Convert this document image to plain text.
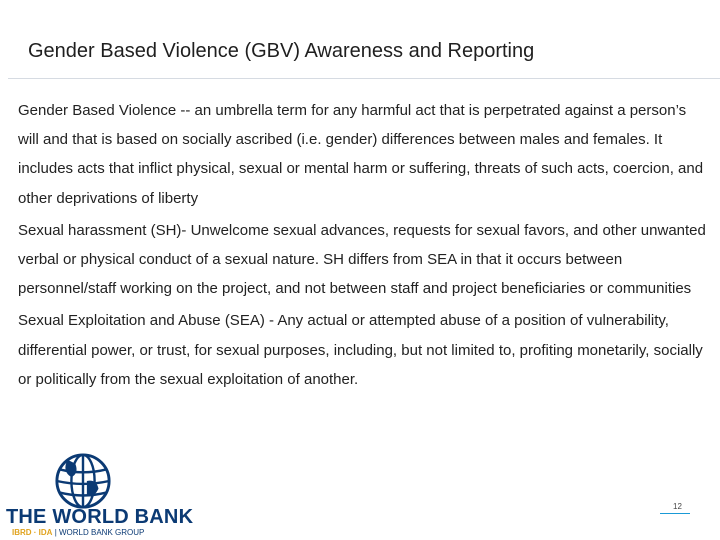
Gender Based Violence (GBV) Awareness and Reporting

Gender Based Violence -- an umbrella term for any harmful act that is perpetrated against a person’s will and that is based on socially ascribed (i.e. gender) differences between males and females. It includes acts that inflict physical, sexual or mental harm or suffering, threats of such acts, coercion, and other deprivations of liberty

Sexual harassment (SH)- Unwelcome sexual advances, requests for sexual favors, and other unwanted verbal or physical conduct of a sexual nature. SH differs from SEA in that it occurs between personnel/staff working on the project, and not between staff and project beneficiaries or communities

Sexual Exploitation and Abuse (SEA) - Any actual or attempted abuse of a position of vulnerability, differential power, or trust, for sexual purposes, including, but not limited to, profiting monetarily, socially or politically from the sexual exploitation of another.

THE WORLD BANK
IBRD · IDA | WORLD BANK GROUP
12
